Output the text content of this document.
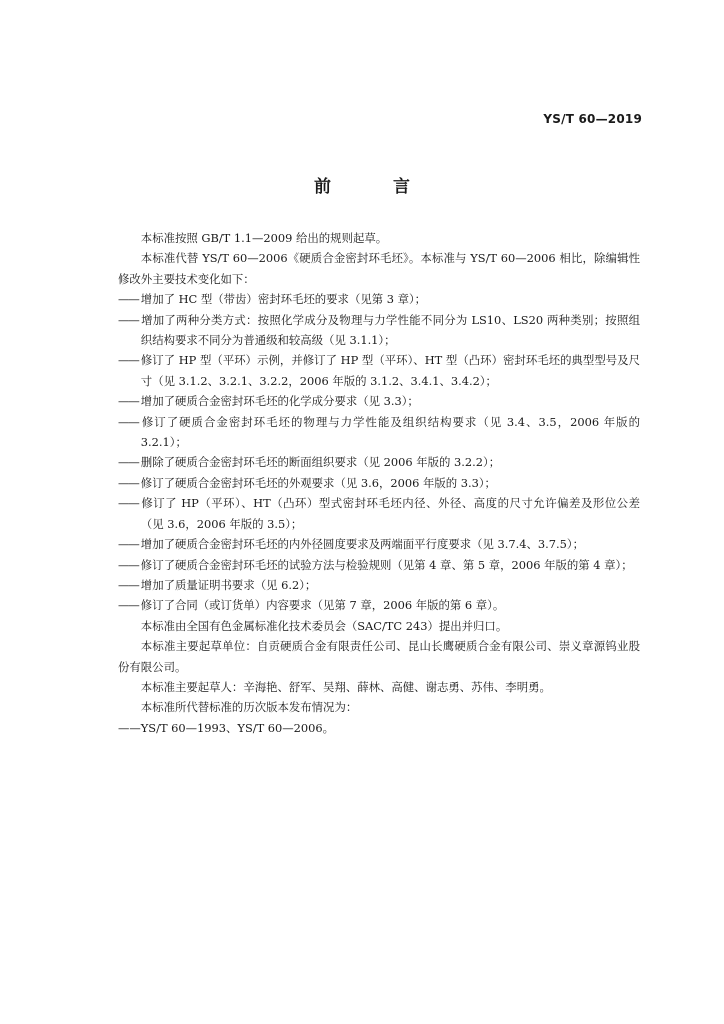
YS/T 60—2019
前 言

本标准按照 GB/T 1.1—2009 给出的规则起草。

本标准代替 YS/T 60—2006《硬质合金密封环毛坯》。本标准与 YS/T 60—2006 相比，除编辑性修改外主要技术变化如下：

—— 增加了 HC 型（带齿）密封环毛坯的要求（见第 3 章）；

—— 增加了两种分类方式：按照化学成分及物理与力学性能不同分为 LS10、LS20 两种类别；按照组织结构要求不同分为普通级和较高级（见 3.1.1）；

—— 修订了 HP 型（平环）示例，并修订了 HP 型（平环）、HT 型（凸环）密封环毛坯的典型型号及尺寸（见 3.1.2、3.2.1、3.2.2，2006 年版的 3.1.2、3.4.1、3.4.2）；

—— 增加了硬质合金密封环毛坯的化学成分要求（见 3.3）；

—— 修订了硬质合金密封环毛坯的物理与力学性能及组织结构要求（见 3.4、3.5，2006 年版的 3.2.1）；

—— 删除了硬质合金密封环毛坯的断面组织要求（见 2006 年版的 3.2.2）；

—— 修订了硬质合金密封环毛坯的外观要求（见 3.6，2006 年版的 3.3）；

—— 修订了 HP（平环）、HT（凸环）型式密封环毛坯内径、外径、高度的尺寸允许偏差及形位公差（见 3.6，2006 年版的 3.5）；

—— 增加了硬质合金密封环毛坯的内外径圆度要求及两端面平行度要求（见 3.7.4、3.7.5）；

—— 修订了硬质合金密封环毛坯的试验方法与检验规则（见第 4 章、第 5 章，2006 年版的第 4 章）；

—— 增加了质量证明书要求（见 6.2）；

—— 修订了合同（或订货单）内容要求（见第 7 章，2006 年版的第 6 章）。

本标准由全国有色金属标准化技术委员会（SAC/TC 243）提出并归口。

本标准主要起草单位：自贡硬质合金有限责任公司、昆山长鹰硬质合金有限公司、崇义章源钨业股份有限公司。

本标准主要起草人：辛海艳、舒军、吴翔、薛林、高健、谢志勇、苏伟、李明勇。

本标准所代替标准的历次版本发布情况为：

——YS/T 60—1993、YS/T 60—2006。
